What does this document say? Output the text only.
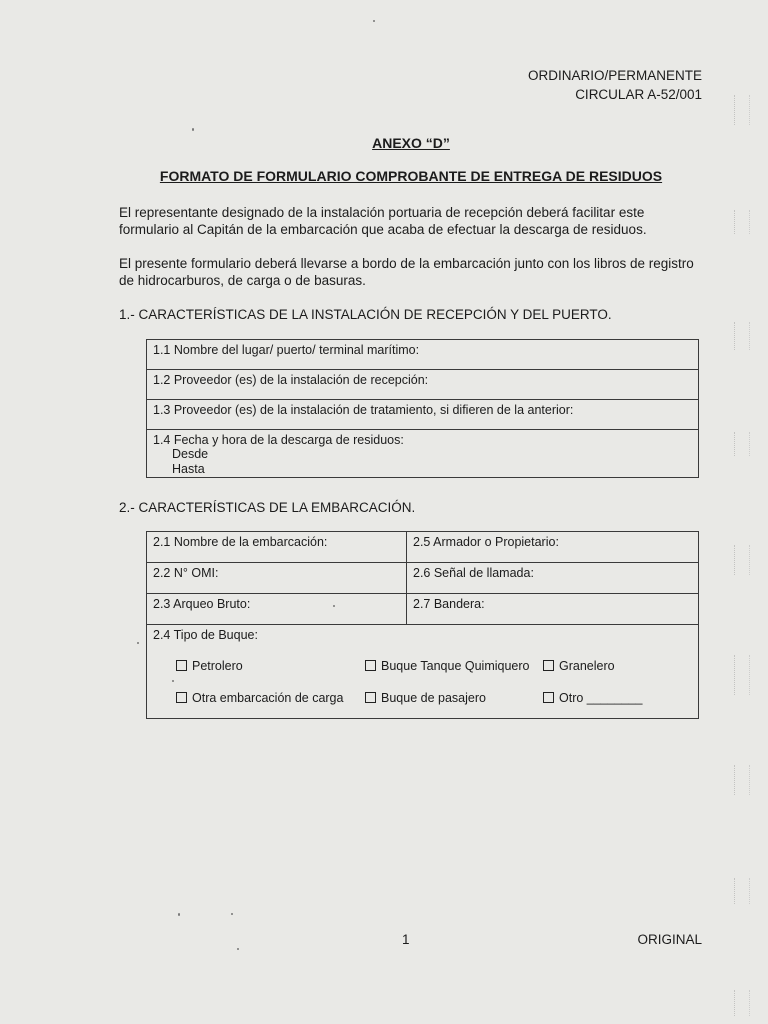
ORDINARIO/PERMANENTE
CIRCULAR A-52/001
ANEXO “D”
FORMATO DE FORMULARIO COMPROBANTE DE ENTREGA DE RESIDUOS
El representante designado de la instalación portuaria de recepción deberá facilitar este formulario al Capitán de la embarcación que acaba de efectuar la descarga de residuos.
El presente formulario deberá llevarse a bordo de la embarcación junto con los libros de registro de hidrocarburos, de carga o de basuras.
1.- CARACTERÍSTICAS DE LA INSTALACIÓN DE RECEPCIÓN Y DEL PUERTO.
1.1 Nombre del lugar/ puerto/ terminal marítimo:
1.2 Proveedor (es) de la instalación de recepción:
1.3 Proveedor (es) de la instalación de tratamiento, si difieren de la anterior:

1.4 Fecha y hora de la descarga de residuos:
Desde
Hasta
2.- CARACTERÍSTICAS DE LA EMBARCACIÓN.
2.1 Nombre de la embarcación:	2.5 Armador o Propietario:
2.2 N° OMI:	2.6 Señal de llamada:
2.3 Arqueo Bruto:	2.7 Bandera:

2.4 Tipo de Buque:	
Petrolero	Buque Tanque Quimiquero	Granelero
Otra embarcación de carga	Buque de pasajero	Otro ________
1	ORIGINAL
